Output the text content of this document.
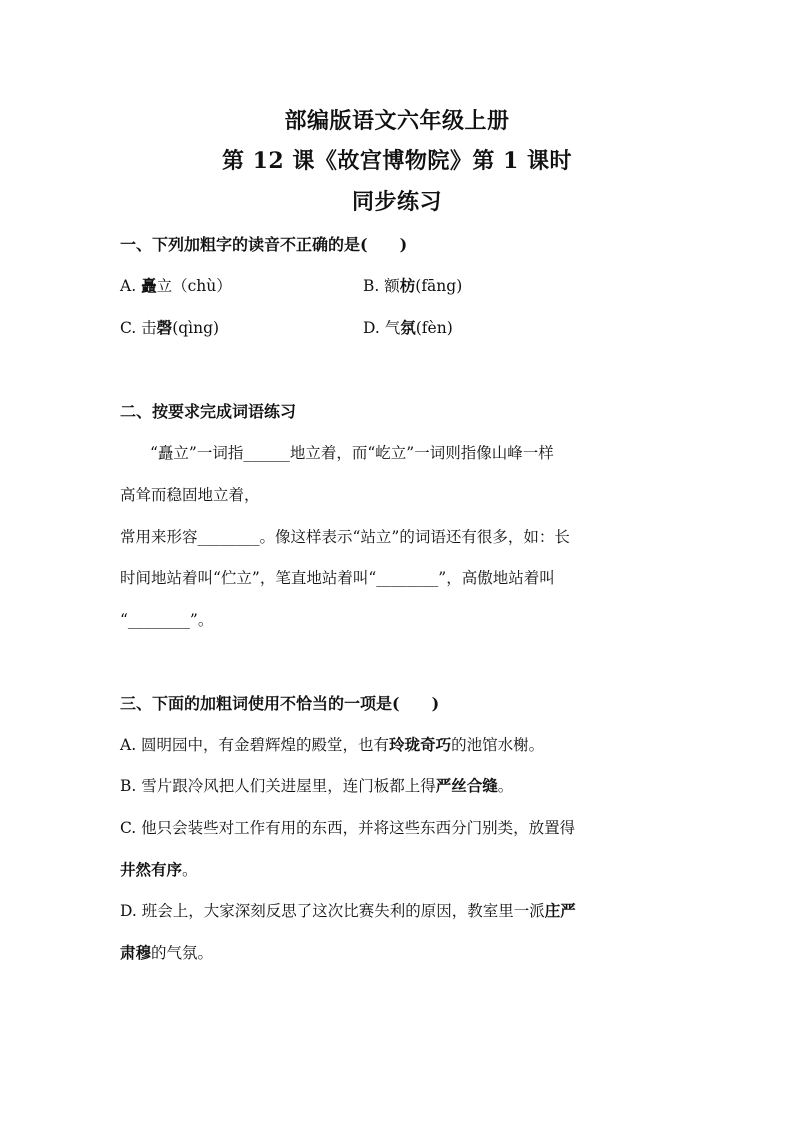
部编版语文六年级上册
第 12 课《故宫博物院》第 1 课时
同步练习
一、下列加粗字的读音不正确的是(　　)
A. 矗立（chù）	B. 额枋(fāng)
C. 击磬(qìng)	D. 气氛(fèn)
二、按要求完成词语练习
“矗立”一词指______地立着，而“屹立”一词则指像山峰一样
高耸而稳固地立着，
常用来形容________。像这样表示“站立”的词语还有很多，如：长
时间地站着叫“伫立”，笔直地站着叫“________”，高傲地站着叫
“________”。
三、下面的加粗词使用不恰当的一项是(　　)
A. 圆明园中，有金碧辉煌的殿堂，也有玲珑奇巧的池馆水榭。
B. 雪片跟冷风把人们关进屋里，连门板都上得严丝合缝。
C. 他只会装些对工作有用的东西，并将这些东西分门别类，放置得
井然有序。
D. 班会上，大家深刻反思了这次比赛失利的原因，教室里一派庄严
肃穆的气氛。
